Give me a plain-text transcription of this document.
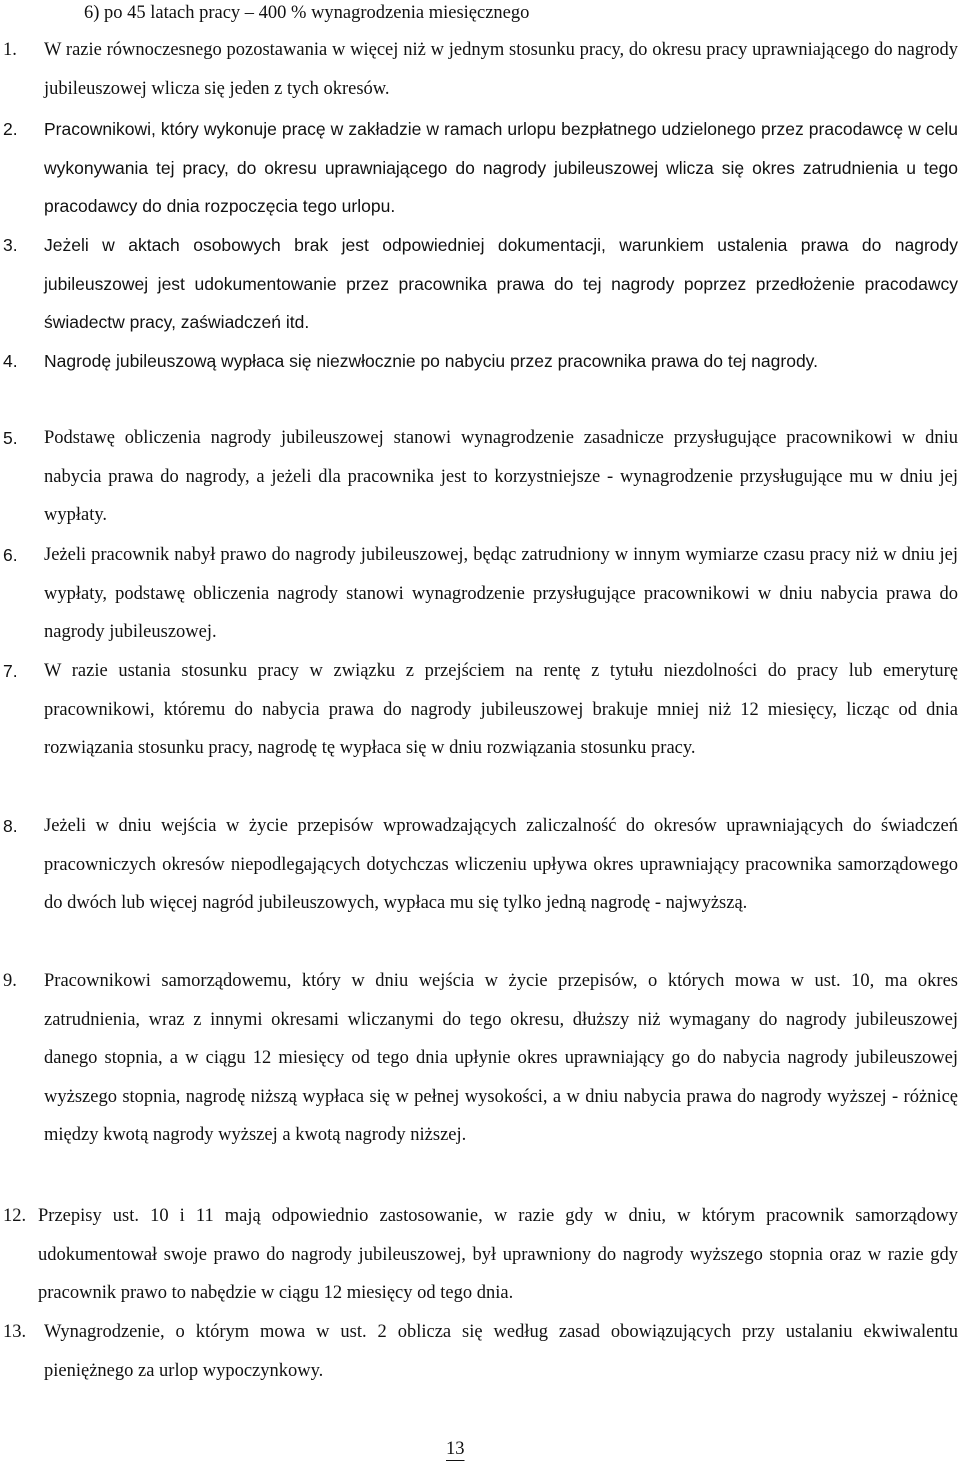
6) po 45 latach pracy – 400 % wynagrodzenia miesięcznego
1. W razie równoczesnego pozostawania w więcej niż w jednym stosunku pracy, do okresu pracy uprawniającego do nagrody jubileuszowej wlicza się jeden z tych okresów.
2. Pracownikowi, który wykonuje pracę w zakładzie w ramach urlopu bezpłatnego udzielonego przez pracodawcę w celu wykonywania tej pracy, do okresu uprawniającego do nagrody jubileuszowej wlicza się okres zatrudnienia u tego pracodawcy do dnia rozpoczęcia tego urlopu.
3. Jeżeli w aktach osobowych brak jest odpowiedniej dokumentacji, warunkiem ustalenia prawa do nagrody jubileuszowej jest udokumentowanie przez pracownika prawa do tej nagrody poprzez przedłożenie pracodawcy świadectw pracy, zaświadczeń itd.
4. Nagrodę jubileuszową wypłaca się niezwłocznie po nabyciu przez pracownika prawa do tej nagrody.
5. Podstawę obliczenia nagrody jubileuszowej stanowi wynagrodzenie zasadnicze przysługujące pracownikowi w dniu nabycia prawa do nagrody, a jeżeli dla pracownika jest to korzystniejsze - wynagrodzenie przysługujące mu w dniu jej wypłaty.
6. Jeżeli pracownik nabył prawo do nagrody jubileuszowej, będąc zatrudniony w innym wymiarze czasu pracy niż w dniu jej wypłaty, podstawę obliczenia nagrody stanowi wynagrodzenie przysługujące pracownikowi w dniu nabycia prawa do nagrody jubileuszowej.
7. W razie ustania stosunku pracy w związku z przejściem na rentę z tytułu niezdolności do pracy lub emeryturę pracownikowi, któremu do nabycia prawa do nagrody jubileuszowej brakuje mniej niż 12 miesięcy, licząc od dnia rozwiązania stosunku pracy, nagrodę tę wypłaca się w dniu rozwiązania stosunku pracy.
8. Jeżeli w dniu wejścia w życie przepisów wprowadzających zaliczalność do okresów uprawniających do świadczeń pracowniczych okresów niepodlegających dotychczas wliczeniu upływa okres uprawniający pracownika samorządowego do dwóch lub więcej nagród jubileuszowych, wypłaca mu się tylko jedną nagrodę - najwyższą.
9. Pracownikowi samorządowemu, który w dniu wejścia w życie przepisów, o których mowa w ust. 10, ma okres zatrudnienia, wraz z innymi okresami wliczanymi do tego okresu, dłuższy niż wymagany do nagrody jubileuszowej danego stopnia, a w ciągu 12 miesięcy od tego dnia upłynie okres uprawniający go do nabycia nagrody jubileuszowej wyższego stopnia, nagrodę niższą wypłaca się w pełnej wysokości, a w dniu nabycia prawa do nagrody wyższej - różnicę między kwotą nagrody wyższej a kwotą nagrody niższej.
12. Przepisy ust. 10 i 11 mają odpowiednio zastosowanie, w razie gdy w dniu, w którym pracownik samorządowy udokumentował swoje prawo do nagrody jubileuszowej, był uprawniony do nagrody wyższego stopnia oraz w razie gdy pracownik prawo to nabędzie w ciągu 12 miesięcy od tego dnia.
13. Wynagrodzenie, o którym mowa w ust. 2 oblicza się według zasad obowiązujących przy ustalaniu ekwiwalentu pieniężnego za urlop wypoczynkowy.
13
